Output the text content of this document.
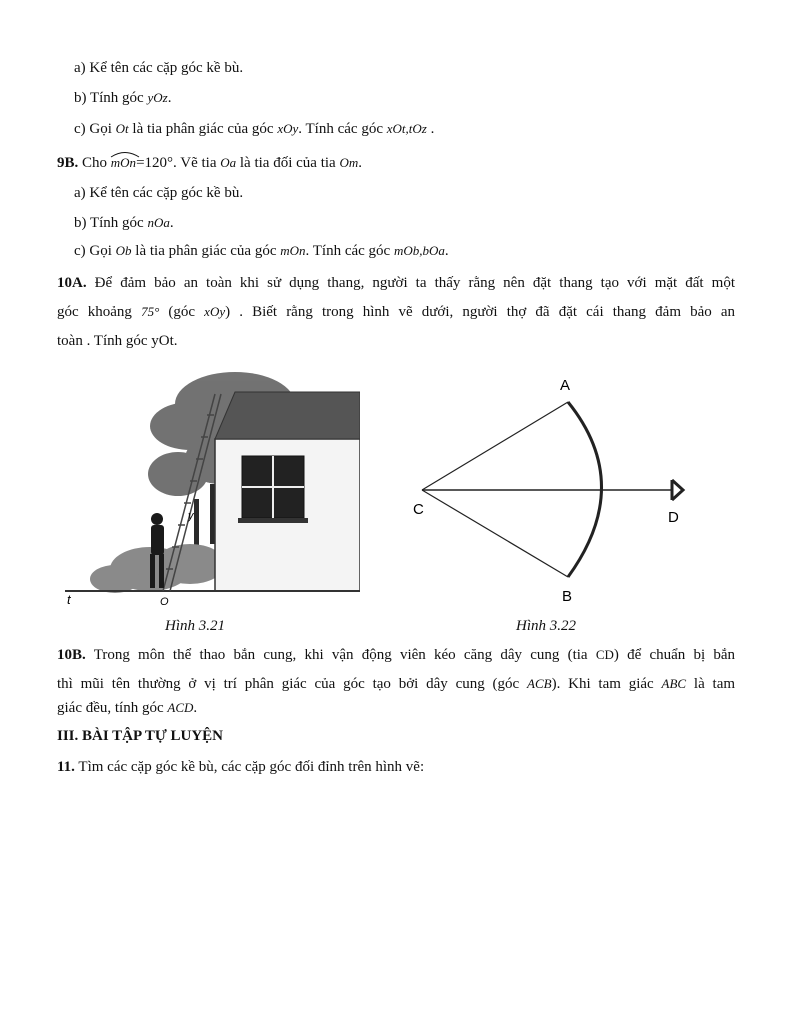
a) Kể tên các cặp góc kề bù.
b) Tính góc yOz.
c) Gọi Ot là tia phân giác của góc xOy. Tính các góc xOt,tOz .
9B. Cho mOn=120°. Vẽ tia Oa là tia đối của tia Om.
a) Kể tên các cặp góc kề bù.
b) Tính góc nOa.
c) Gọi Ob là tia phân giác của góc mOn. Tính các góc mOb,bOa.
10A. Để đảm bảo an toàn khi sử dụng thang, người ta thấy rằng nên đặt thang tạo với mặt đất một
góc khoảng 75° (góc xOy) . Biết rằng trong hình vẽ dưới, người thợ đã đặt cái thang đảm bảo an
toàn . Tính góc yOt.
t	O
y
Hình 3.21
A
B
C	D
Hình 3.22
10B. Trong môn thể thao bắn cung, khi vận động viên kéo căng dây cung (tia CD) để chuẩn bị bắn
thì mũi tên thường ở vị trí phân giác của góc tạo bởi dây cung (góc ACB). Khi tam giác ABC là tam
giác đều, tính góc ACD.
III. BÀI TẬP TỰ LUYỆN
11. Tìm các cặp góc kề bù, các cặp góc đối đỉnh trên hình vẽ:
